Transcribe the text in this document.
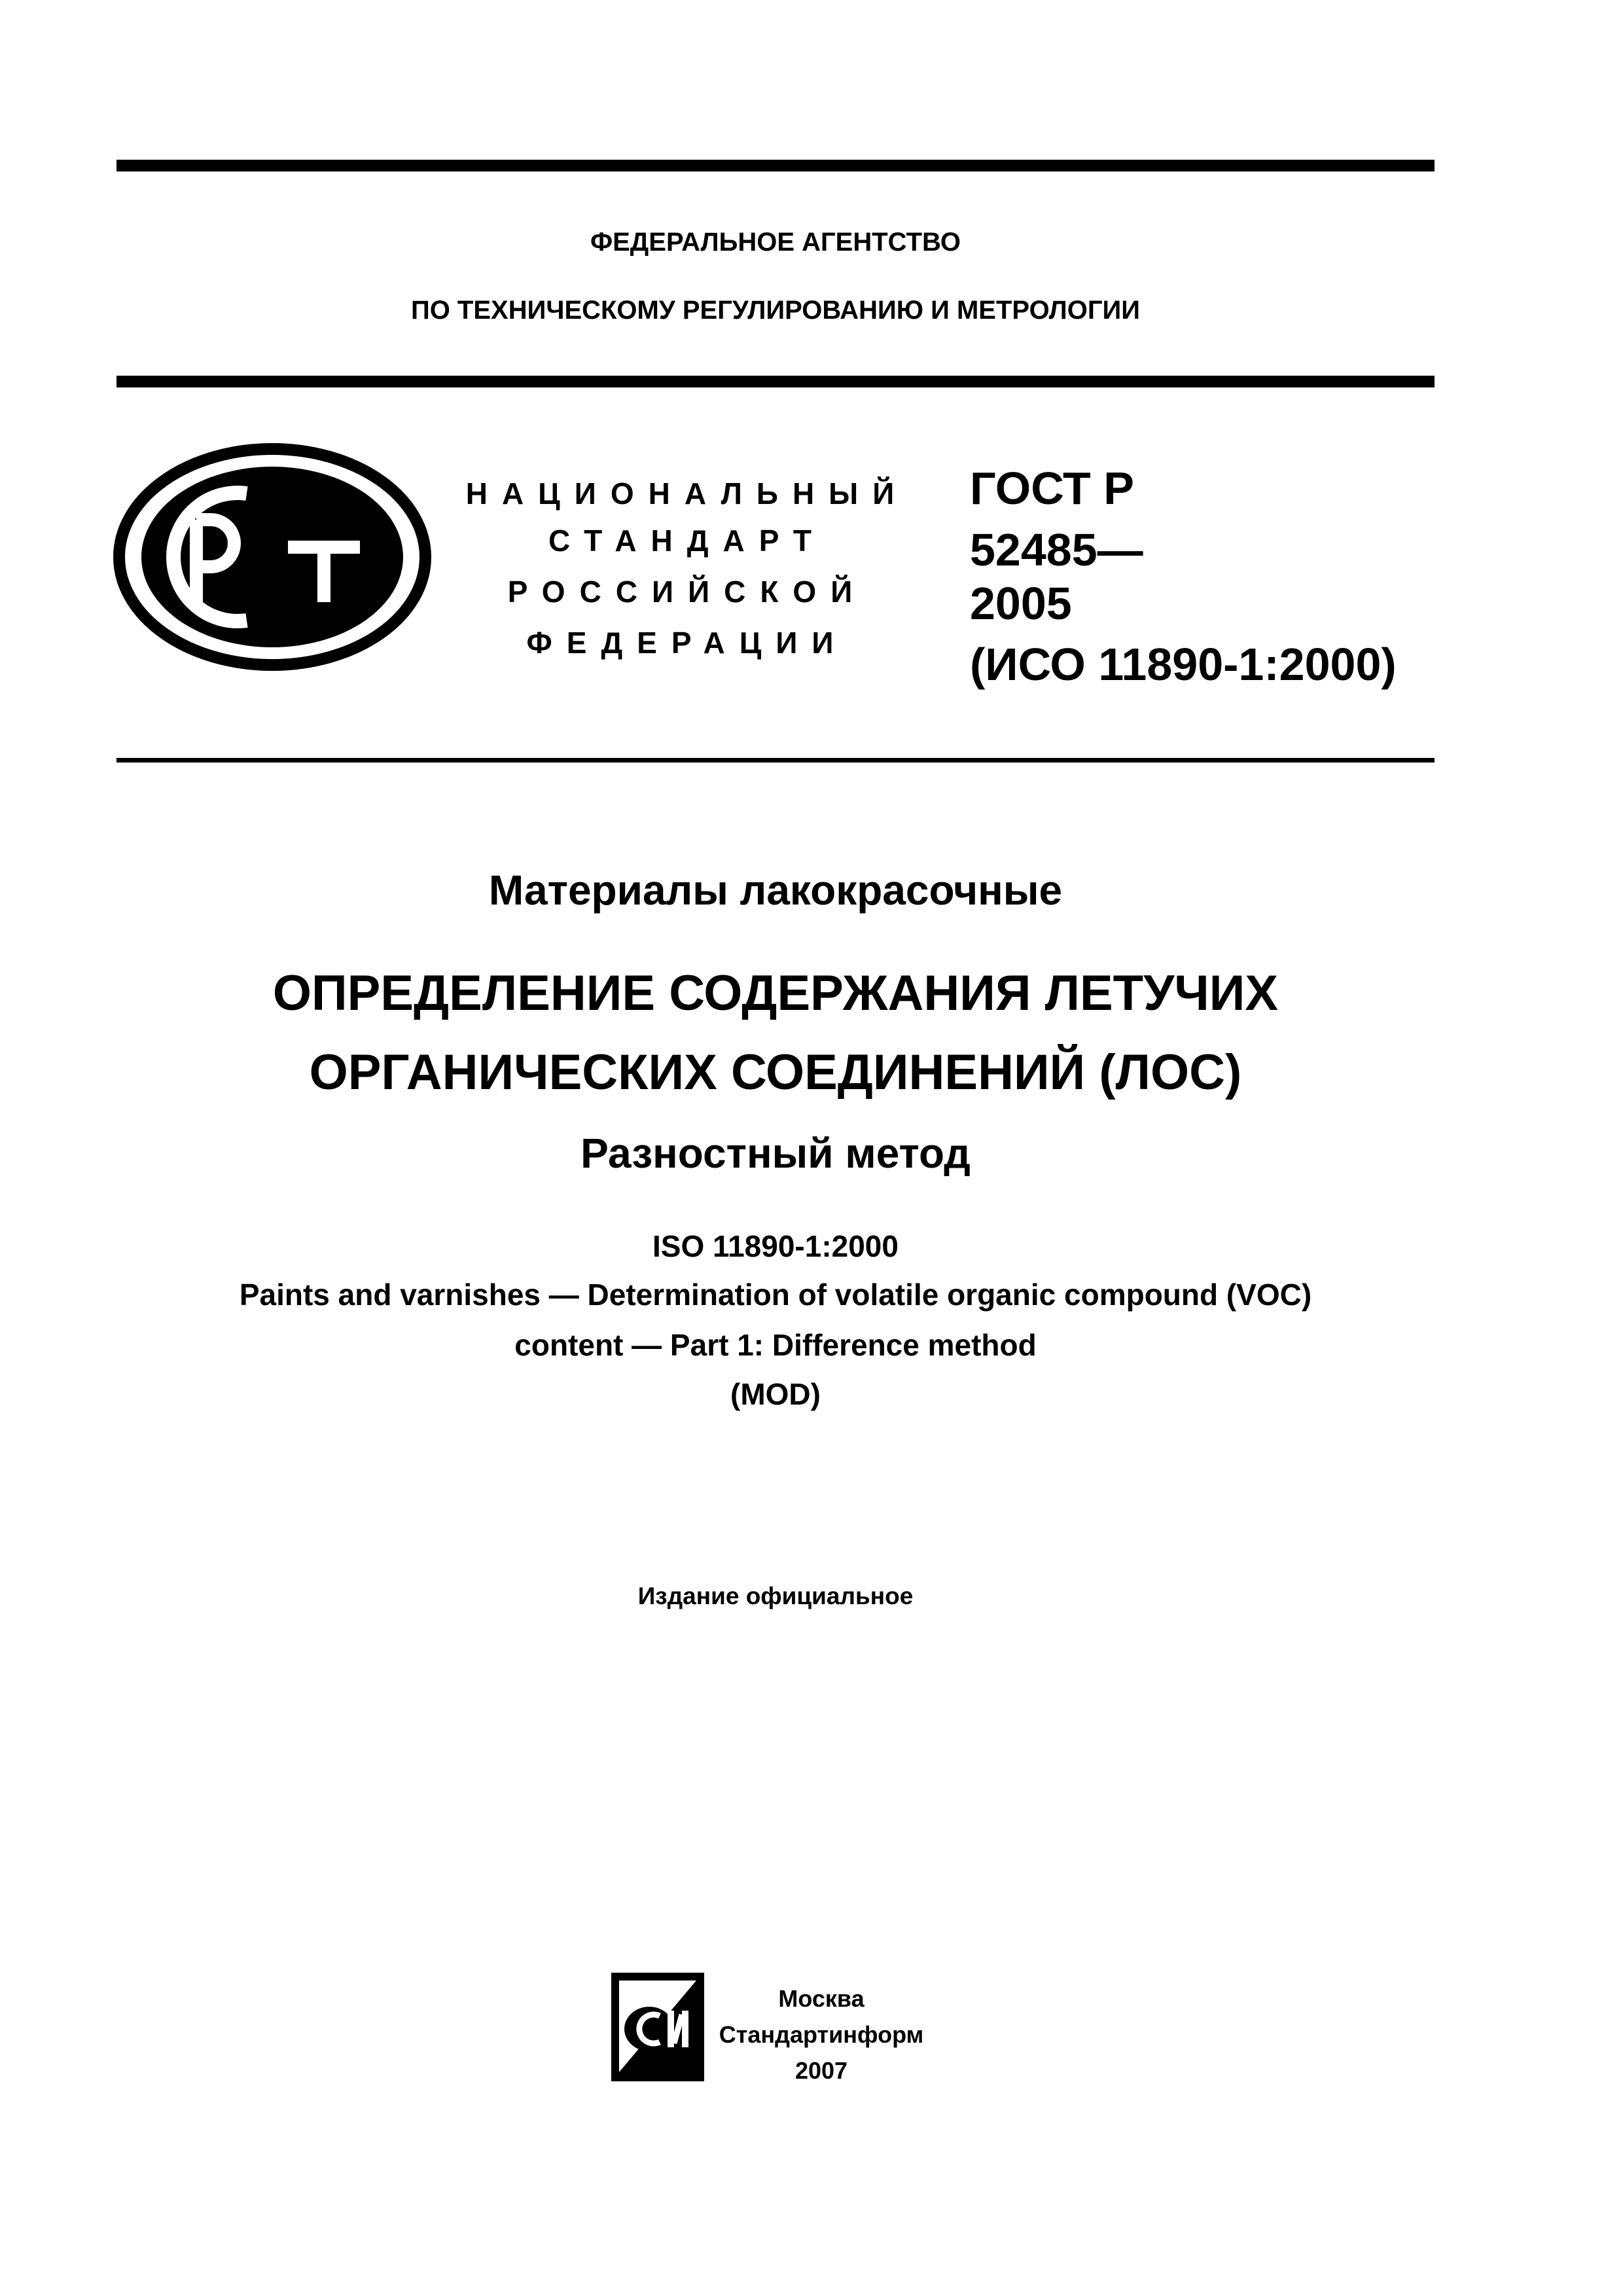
ФЕДЕРАЛЬНОЕ АГЕНТСТВО
ПО ТЕХНИЧЕСКОМУ РЕГУЛИРОВАНИЮ И МЕТРОЛОГИИ
НАЦИОНАЛЬНЫЙ
СТАНДАРТ
РОССИЙСКОЙ
ФЕДЕРАЦИИ
ГОСТ Р
52485—
2005
(ИСО 11890-1:2000)
Материалы лакокрасочные
ОПРЕДЕЛЕНИЕ СОДЕРЖАНИЯ ЛЕТУЧИХ
ОРГАНИЧЕСКИХ СОЕДИНЕНИЙ (ЛОС)
Разностный метод
ISO 11890-1:2000
Paints and varnishes — Determination of volatile organic compound (VOC)
content — Part 1: Difference method
(MOD)
Издание официальное
Москва
Стандартинформ
2007
